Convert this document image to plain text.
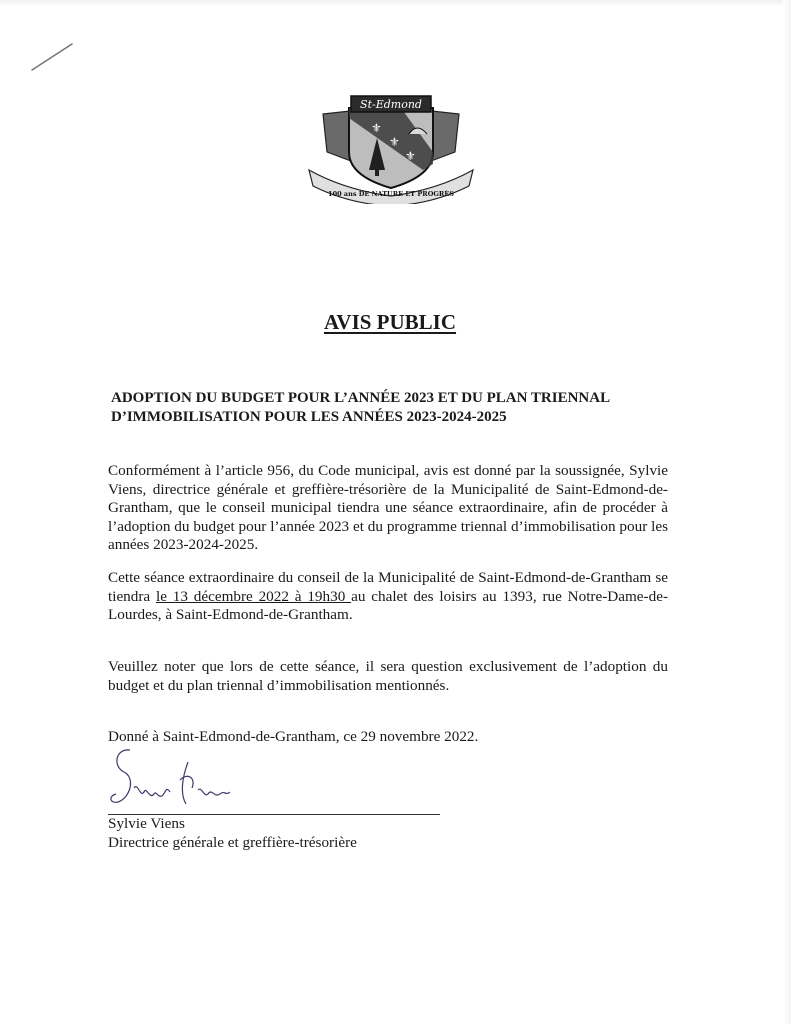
⚜
⚜
⚜
St-Edmond
100 ans DE NATURE ET PROGRÈS
AVIS PUBLIC
ADOPTION DU BUDGET POUR L’ANNÉE 2023 ET DU PLAN TRIENNAL
D’IMMOBILISATION POUR LES ANNÉES 2023-2024-2025
Conformément à l’article 956, du Code municipal, avis est donné par la soussignée, Sylvie Viens, directrice générale et greffière-trésorière de la Municipalité de Saint-Edmond-de-Grantham, que le conseil municipal tiendra une séance extraordinaire, afin de procéder à l’adoption du budget pour l’année 2023 et du programme triennal d’immobilisation pour les années 2023-2024-2025.
Cette séance extraordinaire du conseil de la Municipalité de Saint-Edmond-de-Grantham se tiendra le 13 décembre 2022 à 19h30 au chalet des loisirs au 1393, rue Notre-Dame-de-Lourdes, à Saint-Edmond-de-Grantham.
Veuillez noter que lors de cette séance, il sera question exclusivement de l’adoption du budget et du plan triennal d’immobilisation mentionnés.
Donné à Saint-Edmond-de-Grantham, ce 29 novembre 2022.
Sylvie Viens
Directrice générale et greffière-trésorière
